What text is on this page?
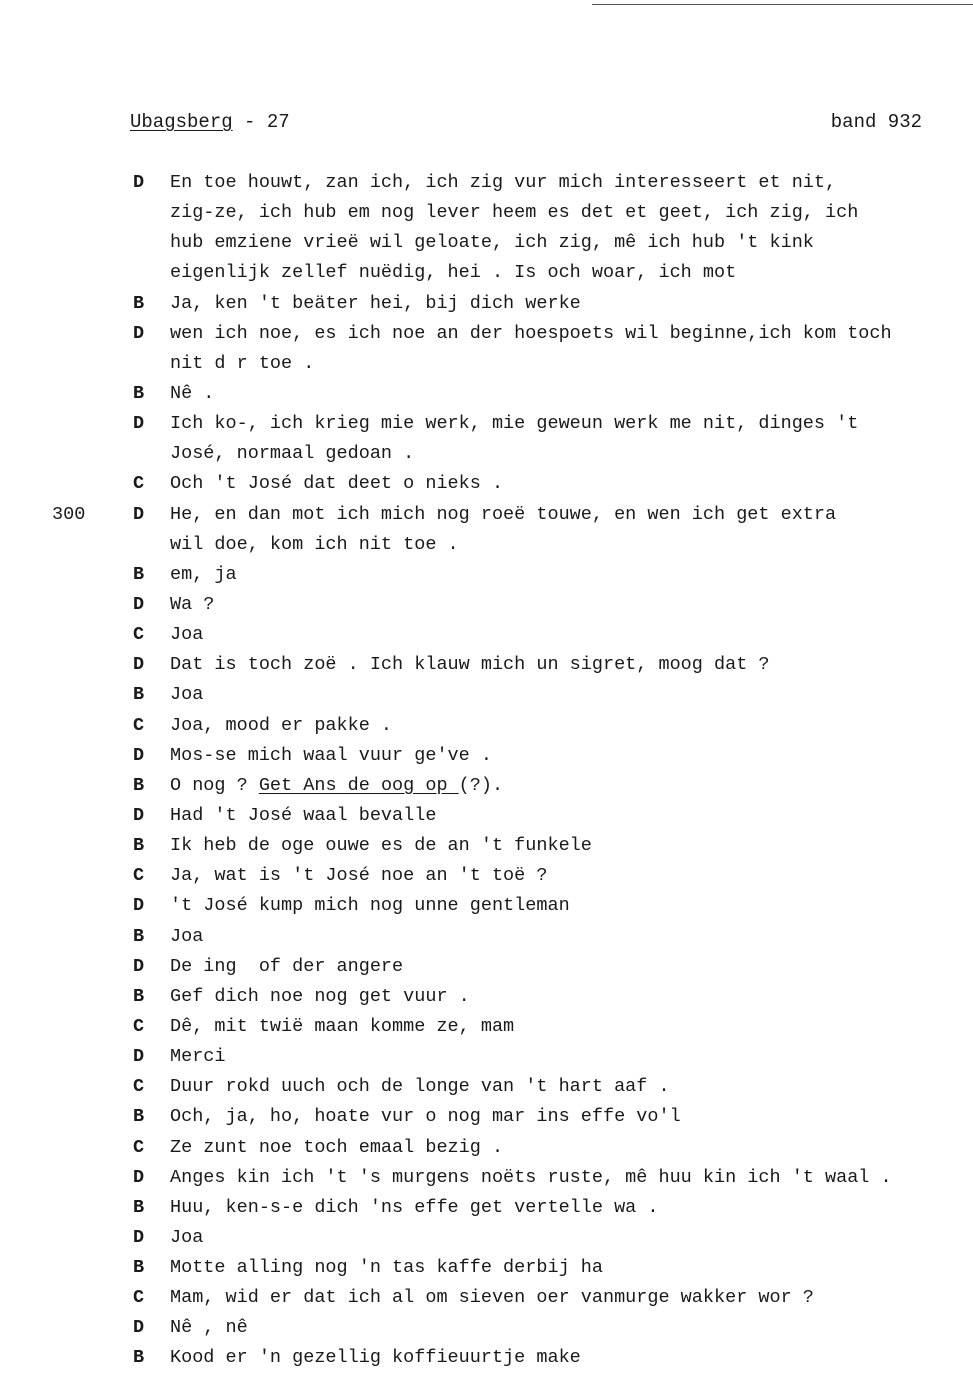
Ubagsberg - 27	band 932
D En toe houwt, zan ich, ich zig vur mich interesseert et nit,
zig-ze, ich hub em nog lever heem es det et geet, ich zig, ich
hub emziene vrieë wil geloate, ich zig, mê ich hub 't kink
eigenlijk zellef nuëdig, hei . Is och woar, ich mot
B Ja, ken 't beäter hei, bij dich werke
D wen ich noe, es ich noe an der hoespoets wil beginne,ich kom toch
nit d r toe .
B Nê .
D Ich ko-, ich krieg mie werk, mie geweun werk me nit, dinges 't
José, normaal gedoan .
C Och 't José dat deet o nieks .
300	D He, en dan mot ich mich nog roeë touwe, en wen ich get extra
wil doe, kom ich nit toe .
B em, ja
D Wa ?
C Joa
D Dat is toch zoë . Ich klauw mich un sigret, moog dat ?
B Joa
C Joa, mood er pakke .
D Mos-se mich waal vuur ge've .
B O nog ? Get Ans de oog op (?).
D Had 't José waal bevalle
B Ik heb de oge ouwe es de an 't funkele
C Ja, wat is 't José noe an 't toë ?
D 't José kump mich nog unne gentleman
B Joa
D De ing  of der angere
B Gef dich noe nog get vuur .
C Dê, mit twië maan komme ze, mam
D Merci
C Duur rokd uuch och de longe van 't hart aaf .
B Och, ja, ho, hoate vur o nog mar ins effe vo'l
C Ze zunt noe toch emaal bezig .
D Anges kin ich 't 's murgens noëts ruste, mê huu kin ich 't waal .
B Huu, ken-s-e dich 'ns effe get vertelle wa .
D Joa
B Motte alling nog 'n tas kaffe derbij ha
C Mam, wid er dat ich al om sieven oer vanmurge wakker wor ?
D Nê , nê
B Kood er 'n gezellig koffieuurtje make
